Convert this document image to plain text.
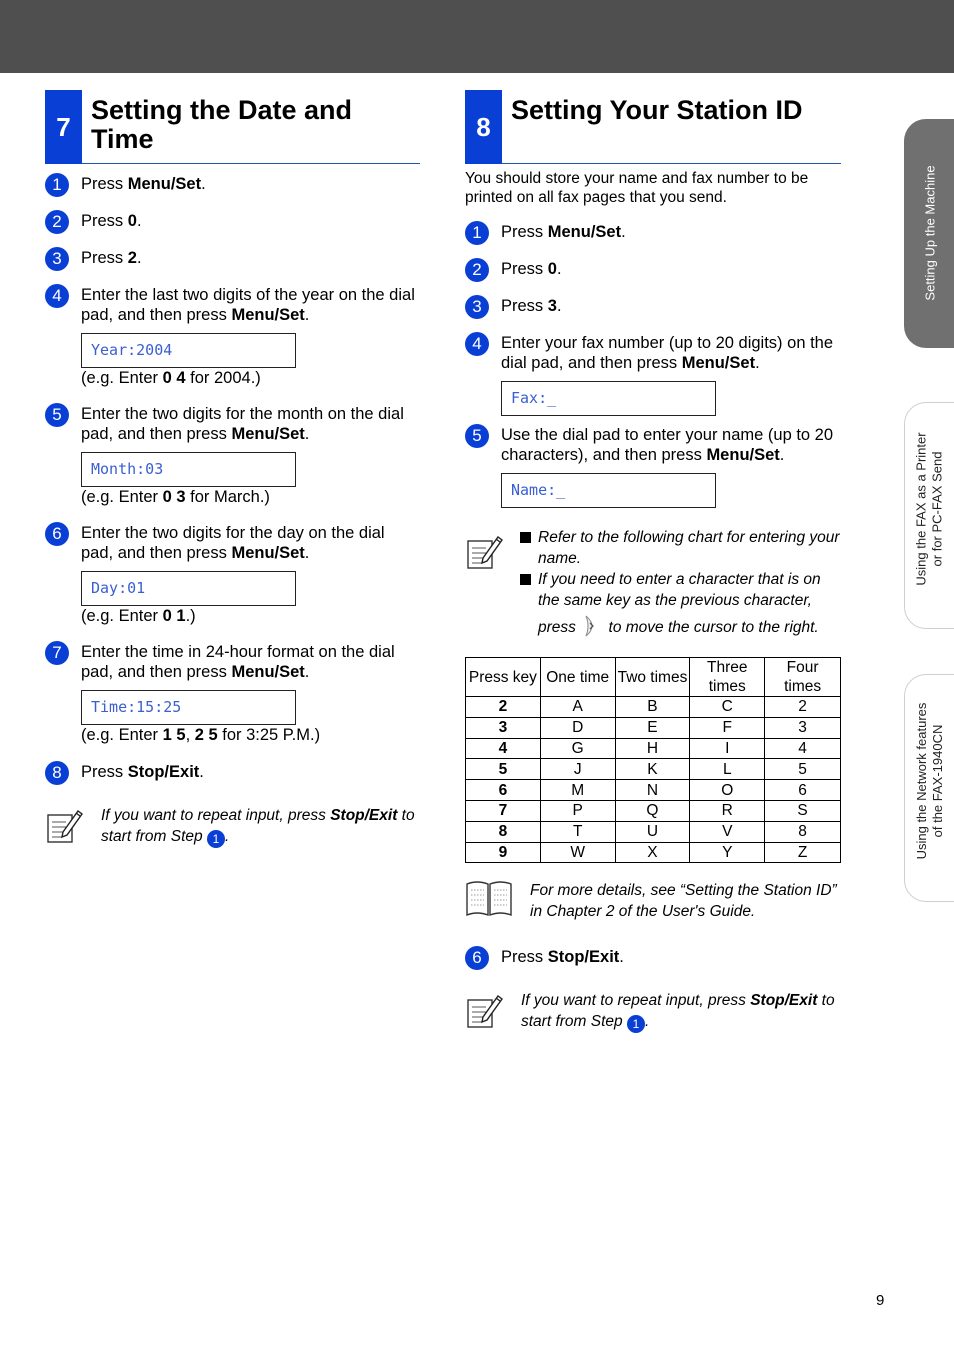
7
Setting the Date and Time
1	Press Menu/Set.
2	Press 0.
3	Press 2.
4	Enter the last two digits of the year on the dial pad, and then press Menu/Set.
Year:2004
(e.g. Enter 0 4 for 2004.)
5	Enter the two digits for the month on the dial pad, and then press Menu/Set.
Month:03
(e.g. Enter 0 3 for March.)
6	Enter the two digits for the day on the dial pad, and then press Menu/Set.
Day:01
(e.g. Enter 0 1.)
7	Enter the time in 24-hour format on the dial pad, and then press Menu/Set.
Time:15:25
(e.g. Enter 1 5, 2 5 for 3:25 P.M.)
8	Press Stop/Exit.
If you want to repeat input, press Stop/Exit to start from Step 1 .
8
Setting Your Station ID
You should store your name and fax number to be printed on all fax pages that you send.
1	Press Menu/Set.
2	Press 0.
3	Press 3.
4	Enter your fax number (up to 20 digits) on the dial pad, and then press Menu/Set.
Fax:_
5	Use the dial pad to enter your name (up to 20 characters), and then press Menu/Set.
Name:_
Refer to the following chart for entering your name.
If you need to enter a character that is on the same key as the previous character,
press to move the cursor to the right.
Press key	One time	Two times	Three times	Four times
2	A	B	C	2
3	D	E	F	3
4	G	H	I	4
5	J	K	L	5
6	M	N	O	6
7	P	Q	R	S
8	T	U	V	8
9	W	X	Y	Z
For more details, see “Setting the Station ID” in Chapter 2 of the User's Guide.
6	Press Stop/Exit.
If you want to repeat input, press Stop/Exit to start from Step 1 .
Setting Up the Machine
Using the FAX as a Printer or for PC-FAX Send
Using the Network features of the FAX-1940CN
9
